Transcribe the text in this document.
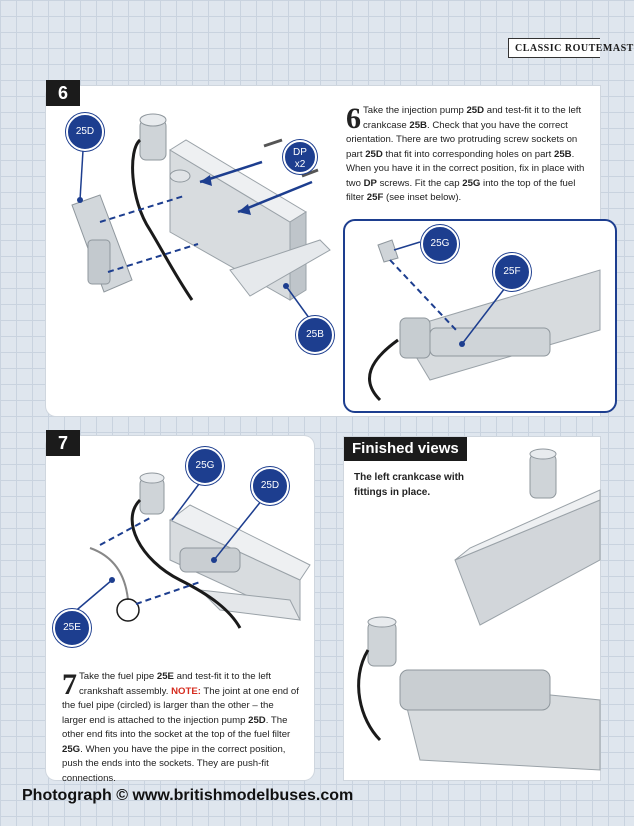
CLASSIC ROUTEMAST
6
25D
DP
x2
25B
6 Take the injection pump 25D and test-fit it to the left crankcase 25B. Check that you have the correct orientation. There are two protruding screw sockets on part 25D that fit into corresponding holes on part 25B. When you have it in the correct position, fix in place with two DP screws. Fit the cap 25G into the top of the fuel filter 25F (see inset below).
25G
25F
7
25G
25D
25E
7 Take the fuel pipe 25E and test-fit it to the left crankshaft assembly. NOTE: The joint at one end of the fuel pipe (circled) is larger than the other – the larger end is attached to the injection pump 25D. The other end fits into the socket at the top of the fuel filter 25G. When you have the pipe in the correct position, push the ends into the sockets. They are push-fit connections.
Finished views
The left crankcase with fittings in place.
Photograph © www.britishmodelbuses.com
